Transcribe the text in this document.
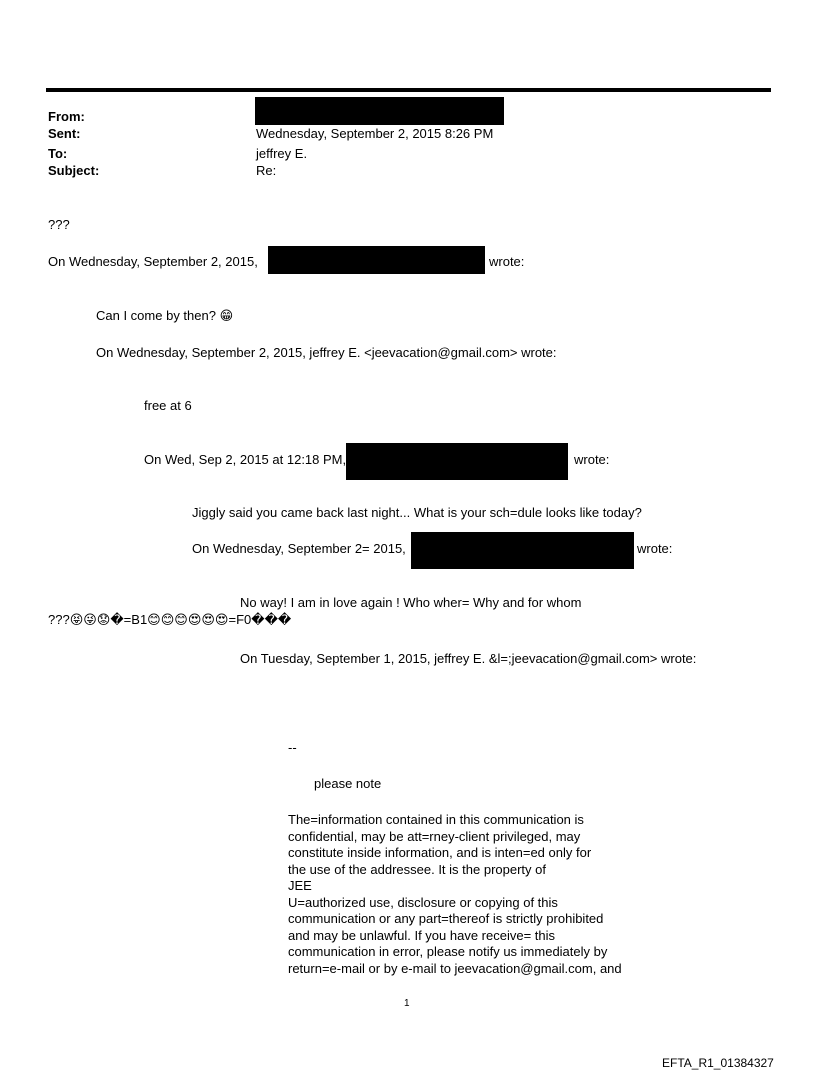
From:
Sent:	Wednesday, September 2, 2015 8:26 PM
To:	jeffrey E.
Subject:	Re:
???
On Wednesday, September 2, 2015,	wrote:
Can I come by then? 😁
On Wednesday, September 2, 2015, jeffrey E. <jeevacation@gmail.com> wrote:
free at 6
On Wed, Sep 2, 2015 at 12:18 PM,	wrote:
Jiggly said you came back last night... What is your sch=dule looks like today?
On Wednesday, September 2= 2015,	wrote:
No way! I am in love again ! Who wher= Why and for whom
???😝😜😟�=B1😊😊😊😍😍😍=F0���
On Tuesday, September 1, 2015, jeffrey E. &l=;jeevacation@gmail.com> wrote:
--
please note
The=information contained in this communication is
confidential, may be att=rney-client privileged, may
constitute inside information, and is inten=ed only for
the use of the addressee. It is the property of
JEE
U=authorized use, disclosure or copying of this
communication or any part=thereof is strictly prohibited
and may be unlawful. If you have receive= this
communication in error, please notify us immediately by
return=e-mail or by e-mail to jeevacation@gmail.com, and
1
EFTA_R1_01384327
